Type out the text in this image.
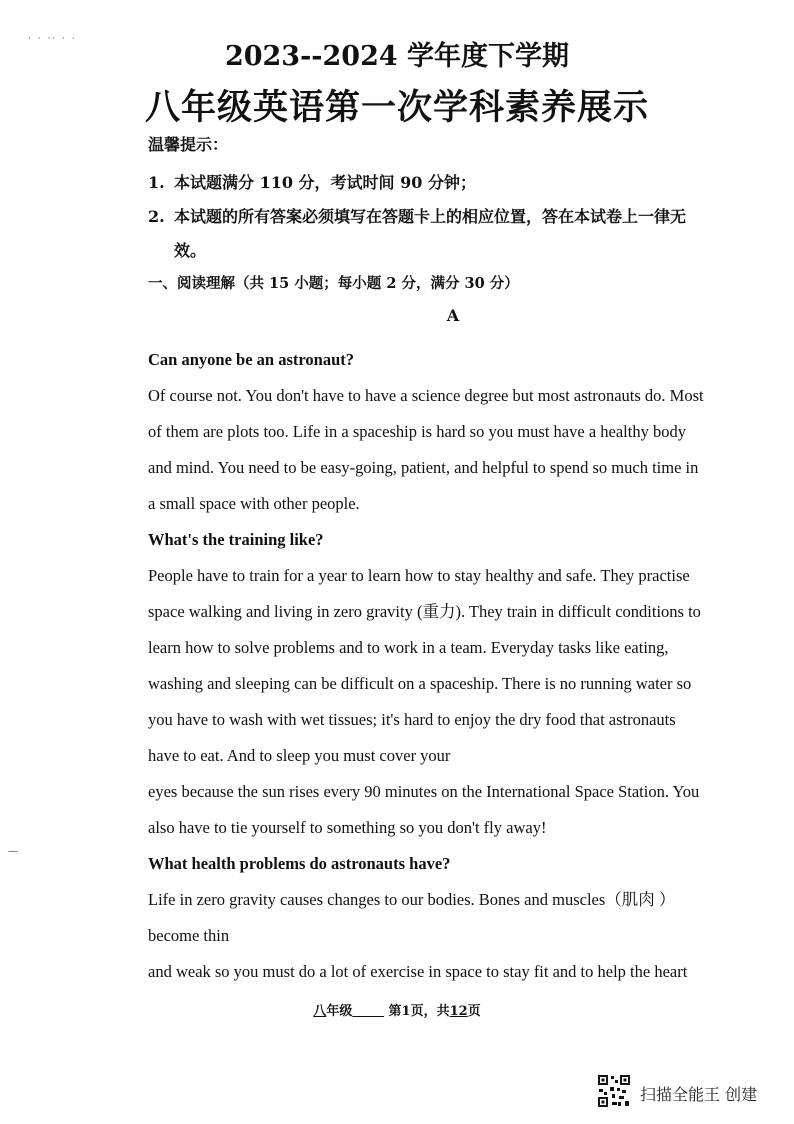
· · ·· · ·
—
2023--2024 学年度下学期
八年级英语第一次学科素养展示
温馨提示：
1. 本试题满分 110 分，考试时间 90 分钟；
2. 本试题的所有答案必须填写在答题卡上的相应位置，答在本试卷上一律无
效。
一、阅读理解（共 15 小题；每小题 2 分，满分 30 分）
A
Can anyone be an astronaut?
Of course not. You don't have to have a science degree but most astronauts do. Most
of them are plots too. Life in a spaceship is hard so you must have a healthy body
and mind. You need to be easy-going, patient, and helpful to spend so much time in
a small space with other people.
What's the training like?
People have to train for a year to learn how to stay healthy and safe. They practise
space walking and living in zero gravity (重力). They train in difficult conditions to
learn how to solve problems and to work in a team. Everyday tasks like eating,
washing and sleeping can be difficult on a spaceship. There is no running water so
you have to wash with wet tissues; it's hard to enjoy the dry food that astronauts
have to eat. And to sleep you must cover your
eyes because the sun rises every 90 minutes on the International Space Station. You
also have to tie yourself to something so you don't fly away!
What health problems do astronauts have?
Life in zero gravity causes changes to our bodies. Bones and muscles（肌肉 ）
become thin
and weak so you must do a lot of exercise in space to stay fit and to help the heart
八年级	第1页，共12页
扫描全能王 创建
